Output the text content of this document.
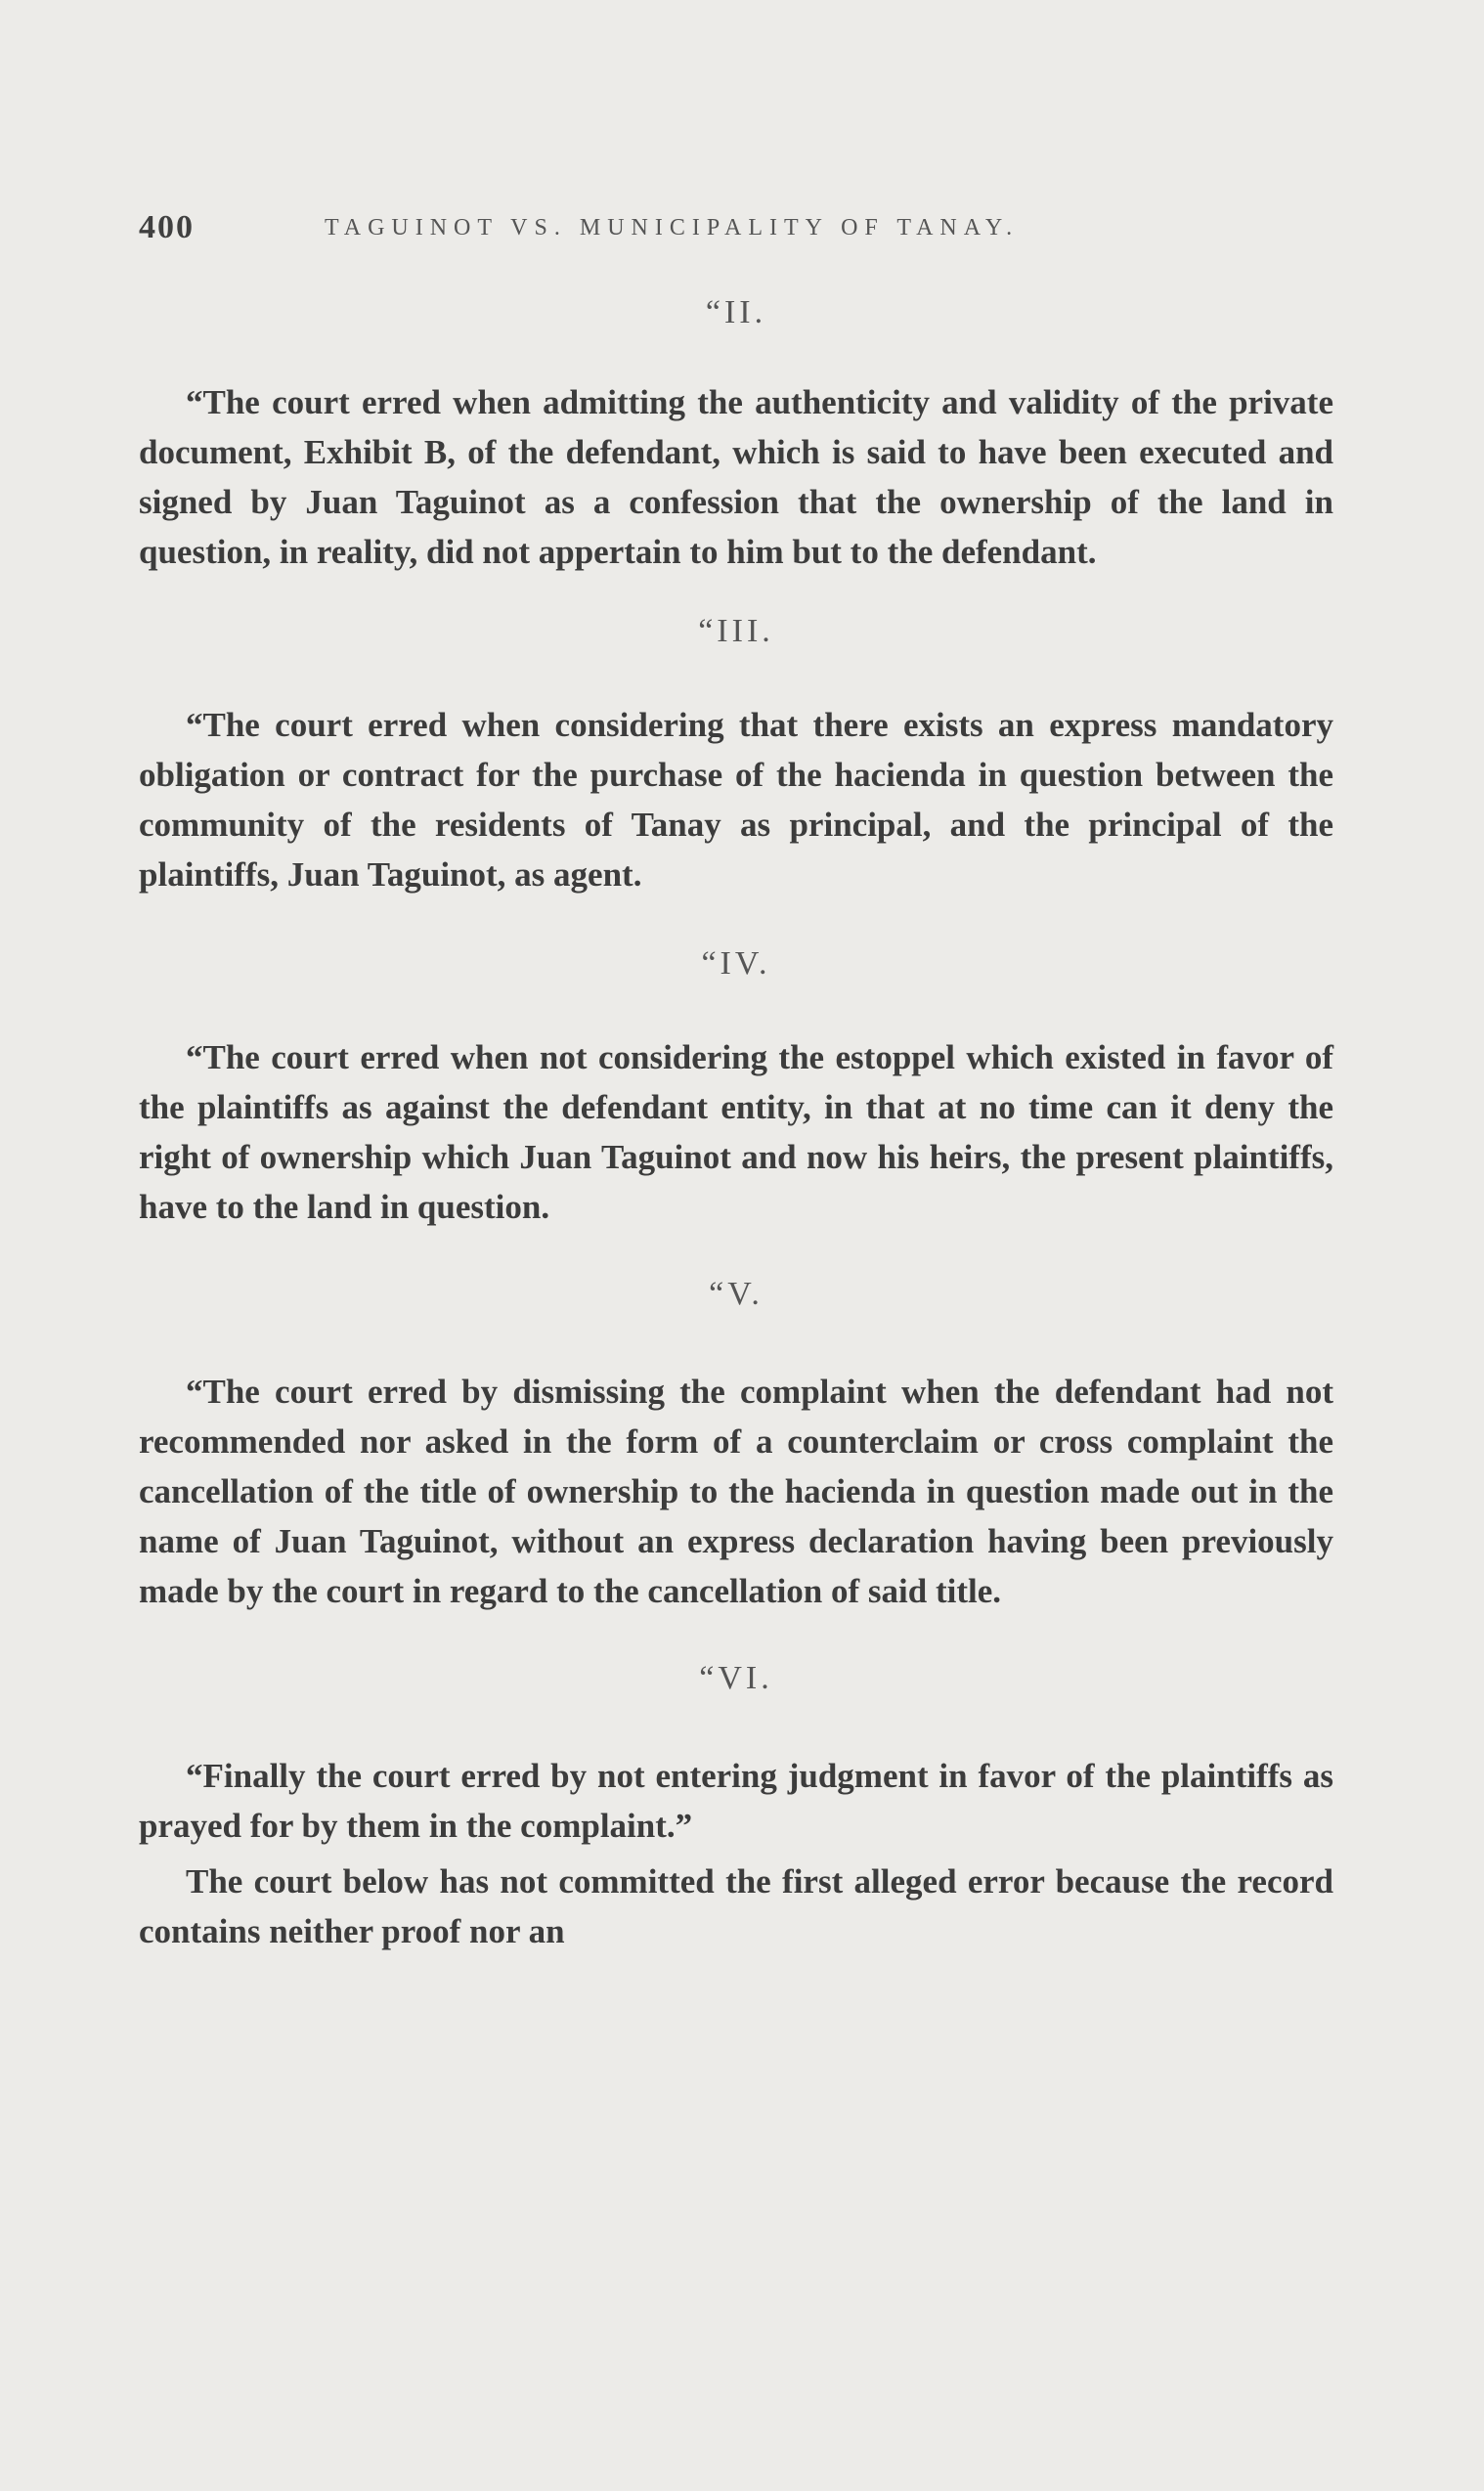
400	TAGUINOT VS. MUNICIPALITY OF TANAY.

“II.

“The court erred when admitting the authenticity and validity of the private document, Exhibit B, of the defendant, which is said to have been executed and signed by Juan Taguinot as a confession that the ownership of the land in question, in reality, did not appertain to him but to the defendant.

“III.

“The court erred when considering that there exists an express mandatory obligation or contract for the purchase of the hacienda in question between the community of the residents of Tanay as principal, and the principal of the plaintiffs, Juan Taguinot, as agent.

“IV.

“The court erred when not considering the estoppel which existed in favor of the plaintiffs as against the defendant entity, in that at no time can it deny the right of ownership which Juan Taguinot and now his heirs, the present plaintiffs, have to the land in question.

“V.

“The court erred by dismissing the complaint when the defendant had not recommended nor asked in the form of a counterclaim or cross complaint the cancellation of the title of ownership to the hacienda in question made out in the name of Juan Taguinot, without an express declaration having been previously made by the court in regard to the cancellation of said title.

“VI.

“Finally the court erred by not entering judgment in favor of the plaintiffs as prayed for by them in the complaint.”

The court below has not committed the first alleged error because the record contains neither proof nor an
